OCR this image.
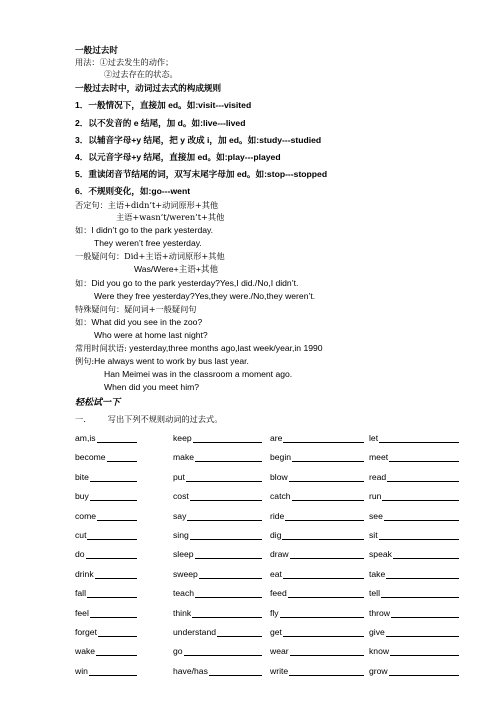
一般过去时
用法：①过去发生的动作；
②过去存在的状态。
一般过去时中，动词过去式的构成规则
1．一般情况下，直接加 ed。如:visit---visited
2．以不发音的 e 结尾，加 d。如:live---lived
3．以辅音字母+y 结尾，把 y 改成 i，加 ed。如:study---studied
4．以元音字母+y 结尾，直接加 ed。如:play---played
5．重读闭音节结尾的词，双写末尾字母加 ed。如:stop---stopped
6．不规则变化，如:go---went
否定句：主语+didn’t+动词原形+其他
主语+wasn’t/weren’t+其他
如：I didn’t go to the park yesterday.
They weren’t free yesterday.
一般疑问句：Did+主语+动词原形+其他
Was/Were+主语+其他
如：Did you go to the park yesterday?Yes,I did./No,I didn’t.
Were they free yesterday?Yes,they were./No,they weren’t.
特殊疑问句：疑问词+一般疑问句
如：What did you see in the zoo?
Who were at home last night?
常用时间状语: yesterday,three months ago,last week/year,in 1990
例句:He always went to work by bus last year.
Han Meimei was in the classroom a moment ago.
When did you meet him?
轻松试一下
一.	写出下列不规则动词的过去式。
am,is	keep	are	let
become	make	begin	meet
bite	put	blow	read
buy	cost	catch	run
come	say	ride	see
cut	sing	dig	sit
do	sleep	draw	speak
drink	sweep	eat	take
fall	teach	feed	tell
feel	think	fly	throw
forget	understand	get	give
wake	go	wear	know
win	have/has	write	grow
